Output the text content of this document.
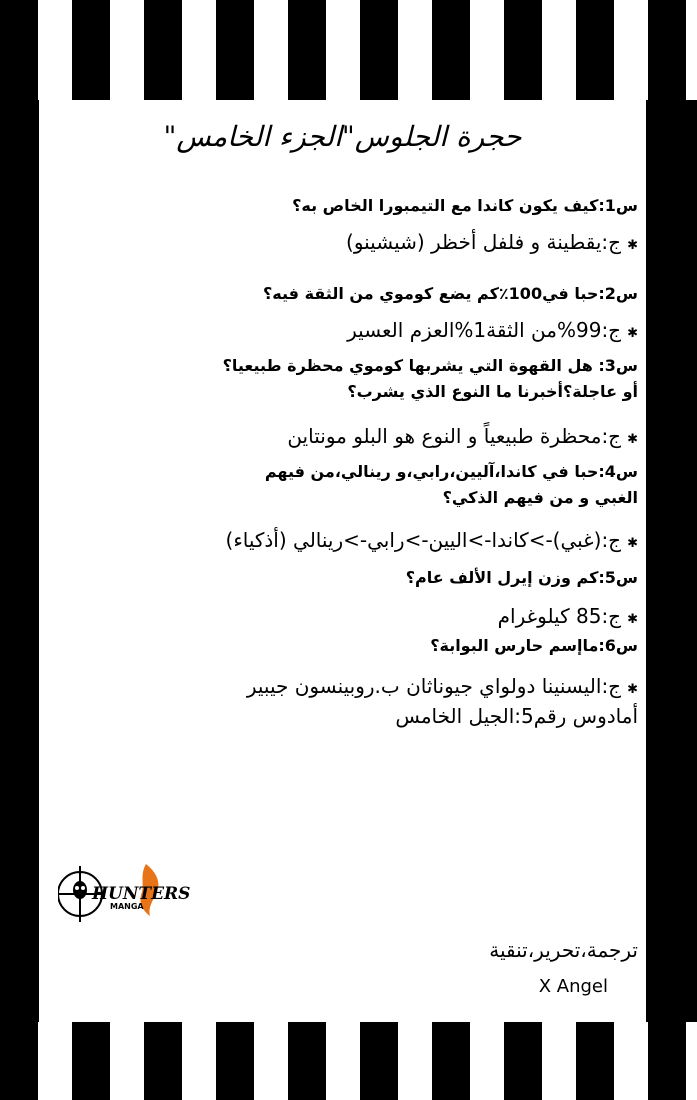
"حجرة الجلوس"الجزء الخامس
س1:كيف يكون كاندا مع التيمبورا الخاص به؟
✱ج:يقطينة و فلفل أخظر (شيشينو)
س2:حبا في100٪كم يضع كوموي من الثقة فيه؟
✱ج:99%من الثقة1%العزم العسير
س3: هل القهوة التي يشربها كوموي محظرة طبيعيا؟
أو عاجلة؟أخبرنا ما النوع الذي يشرب؟
✱ج:محظرة طبيعياً و النوع هو البلو مونتاين
س4:حبا في كاندا،آليين،رابي،و رينالي،من فيهم
الغبي و من فيهم الذكي؟
✱ج:(غبي)->كاندا->اليين->رابي->رينالي (أذكياء)
س5:كم وزن إيرل الألف عام؟
✱ج:85 كيلوغرام
س6:ماإسم حارس البوابة؟
✱ج:اليسنينا دولواي جيوناثان ب.روبينسون جيبير
أمادوس رقم5:الجيل الخامس
ترجمة،تحرير،تنقية
X Angel
HUNTERS
MANGA
